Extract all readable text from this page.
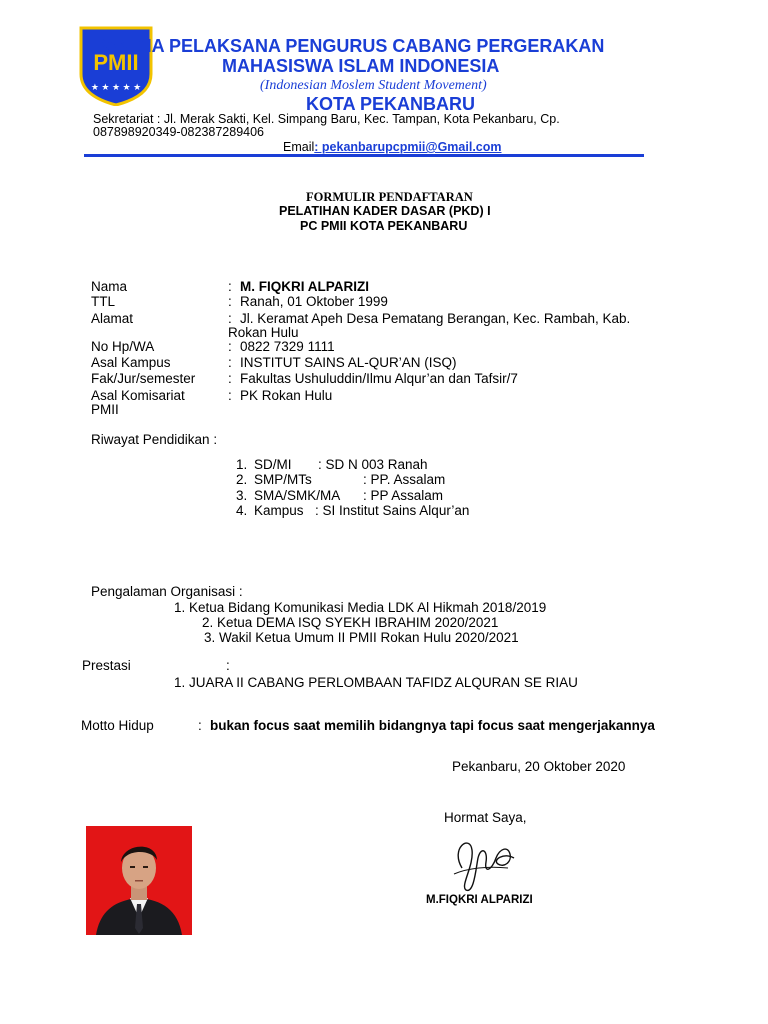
PMII
★ ★ ★ ★ ★
PANITIA PELAKSANA PENGURUS CABANG PERGERAKAN
MAHASISWA ISLAM INDONESIA
(Indonesian Moslem Student Movement)
KOTA PEKANBARU
Sekretariat : Jl. Merak Sakti, Kel. Simpang Baru, Kec. Tampan, Kota Pekanbaru, Cp.
087898920349-082387289406
Email: pekanbarupcpmii@Gmail.com
FORMULIR PENDAFTARAN
PELATIHAN KADER DASAR (PKD) I
PC PMII KOTA PEKANBARU
Nama	: M. FIQKRI ALPARIZI
TTL	: Ranah, 01 Oktober 1999
Alamat	: Jl. Keramat Apeh Desa Pematang Berangan, Kec. Rambah, Kab.
Rokan Hulu
No Hp/WA	: 0822 7329 1111
Asal Kampus	: INSTITUT SAINS AL-QUR’AN (ISQ)
Fak/Jur/semester : Fakultas Ushuluddin/Ilmu Alqur’an dan Tafsir/7
Asal Komisariat
PMII
: PK Rokan Hulu
Riwayat Pendidikan :
1. SD/MI : SD N 003 Ranah
2. SMP/MTs	: PP. Assalam
3. SMA/SMK/MA : PP Assalam
4. Kampus : SI Institut Sains Alqur’an
Pengalaman Organisasi :
1. Ketua Bidang Komunikasi Media LDK Al Hikmah 2018/2019
2. Ketua DEMA ISQ SYEKH IBRAHIM 2020/2021
3. Wakil Ketua Umum II PMII Rokan Hulu 2020/2021
Prestasi	:
1. JUARA II CABANG PERLOMBAAN TAFIDZ ALQURAN SE RIAU
Motto Hidup	: bukan focus saat memilih bidangnya tapi focus saat mengerjakannya
Pekanbaru, 20 Oktober 2020
Hormat Saya,
M.FIQKRI ALPARIZI
